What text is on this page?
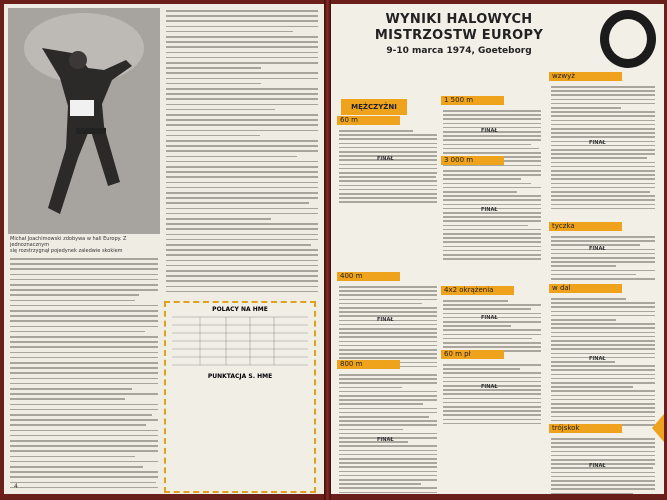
Michał Joachimowski zdobywa w hali Europy. Z jednoznacznym
się rozstrzygnął pojedynek zaledwie skokiem
POLACY NA HME
PUNKTACJA S. HME
4
WYNIKI HALOWYCH MISTRZOSTW EUROPY
9-10 marca 1974, Goeteborg
MĘŻCZYŹNI
60 m
FINAŁ
1 500 m
FINAŁ
3 000 m
FINAŁ
400 m
FINAŁ
4x2 okrążenia
FINAŁ
60 m pł
FINAŁ
800 m
FINAŁ
wzwyż
FINAŁ
tyczka
FINAŁ
w dal
FINAŁ
trójskok
FINAŁ
